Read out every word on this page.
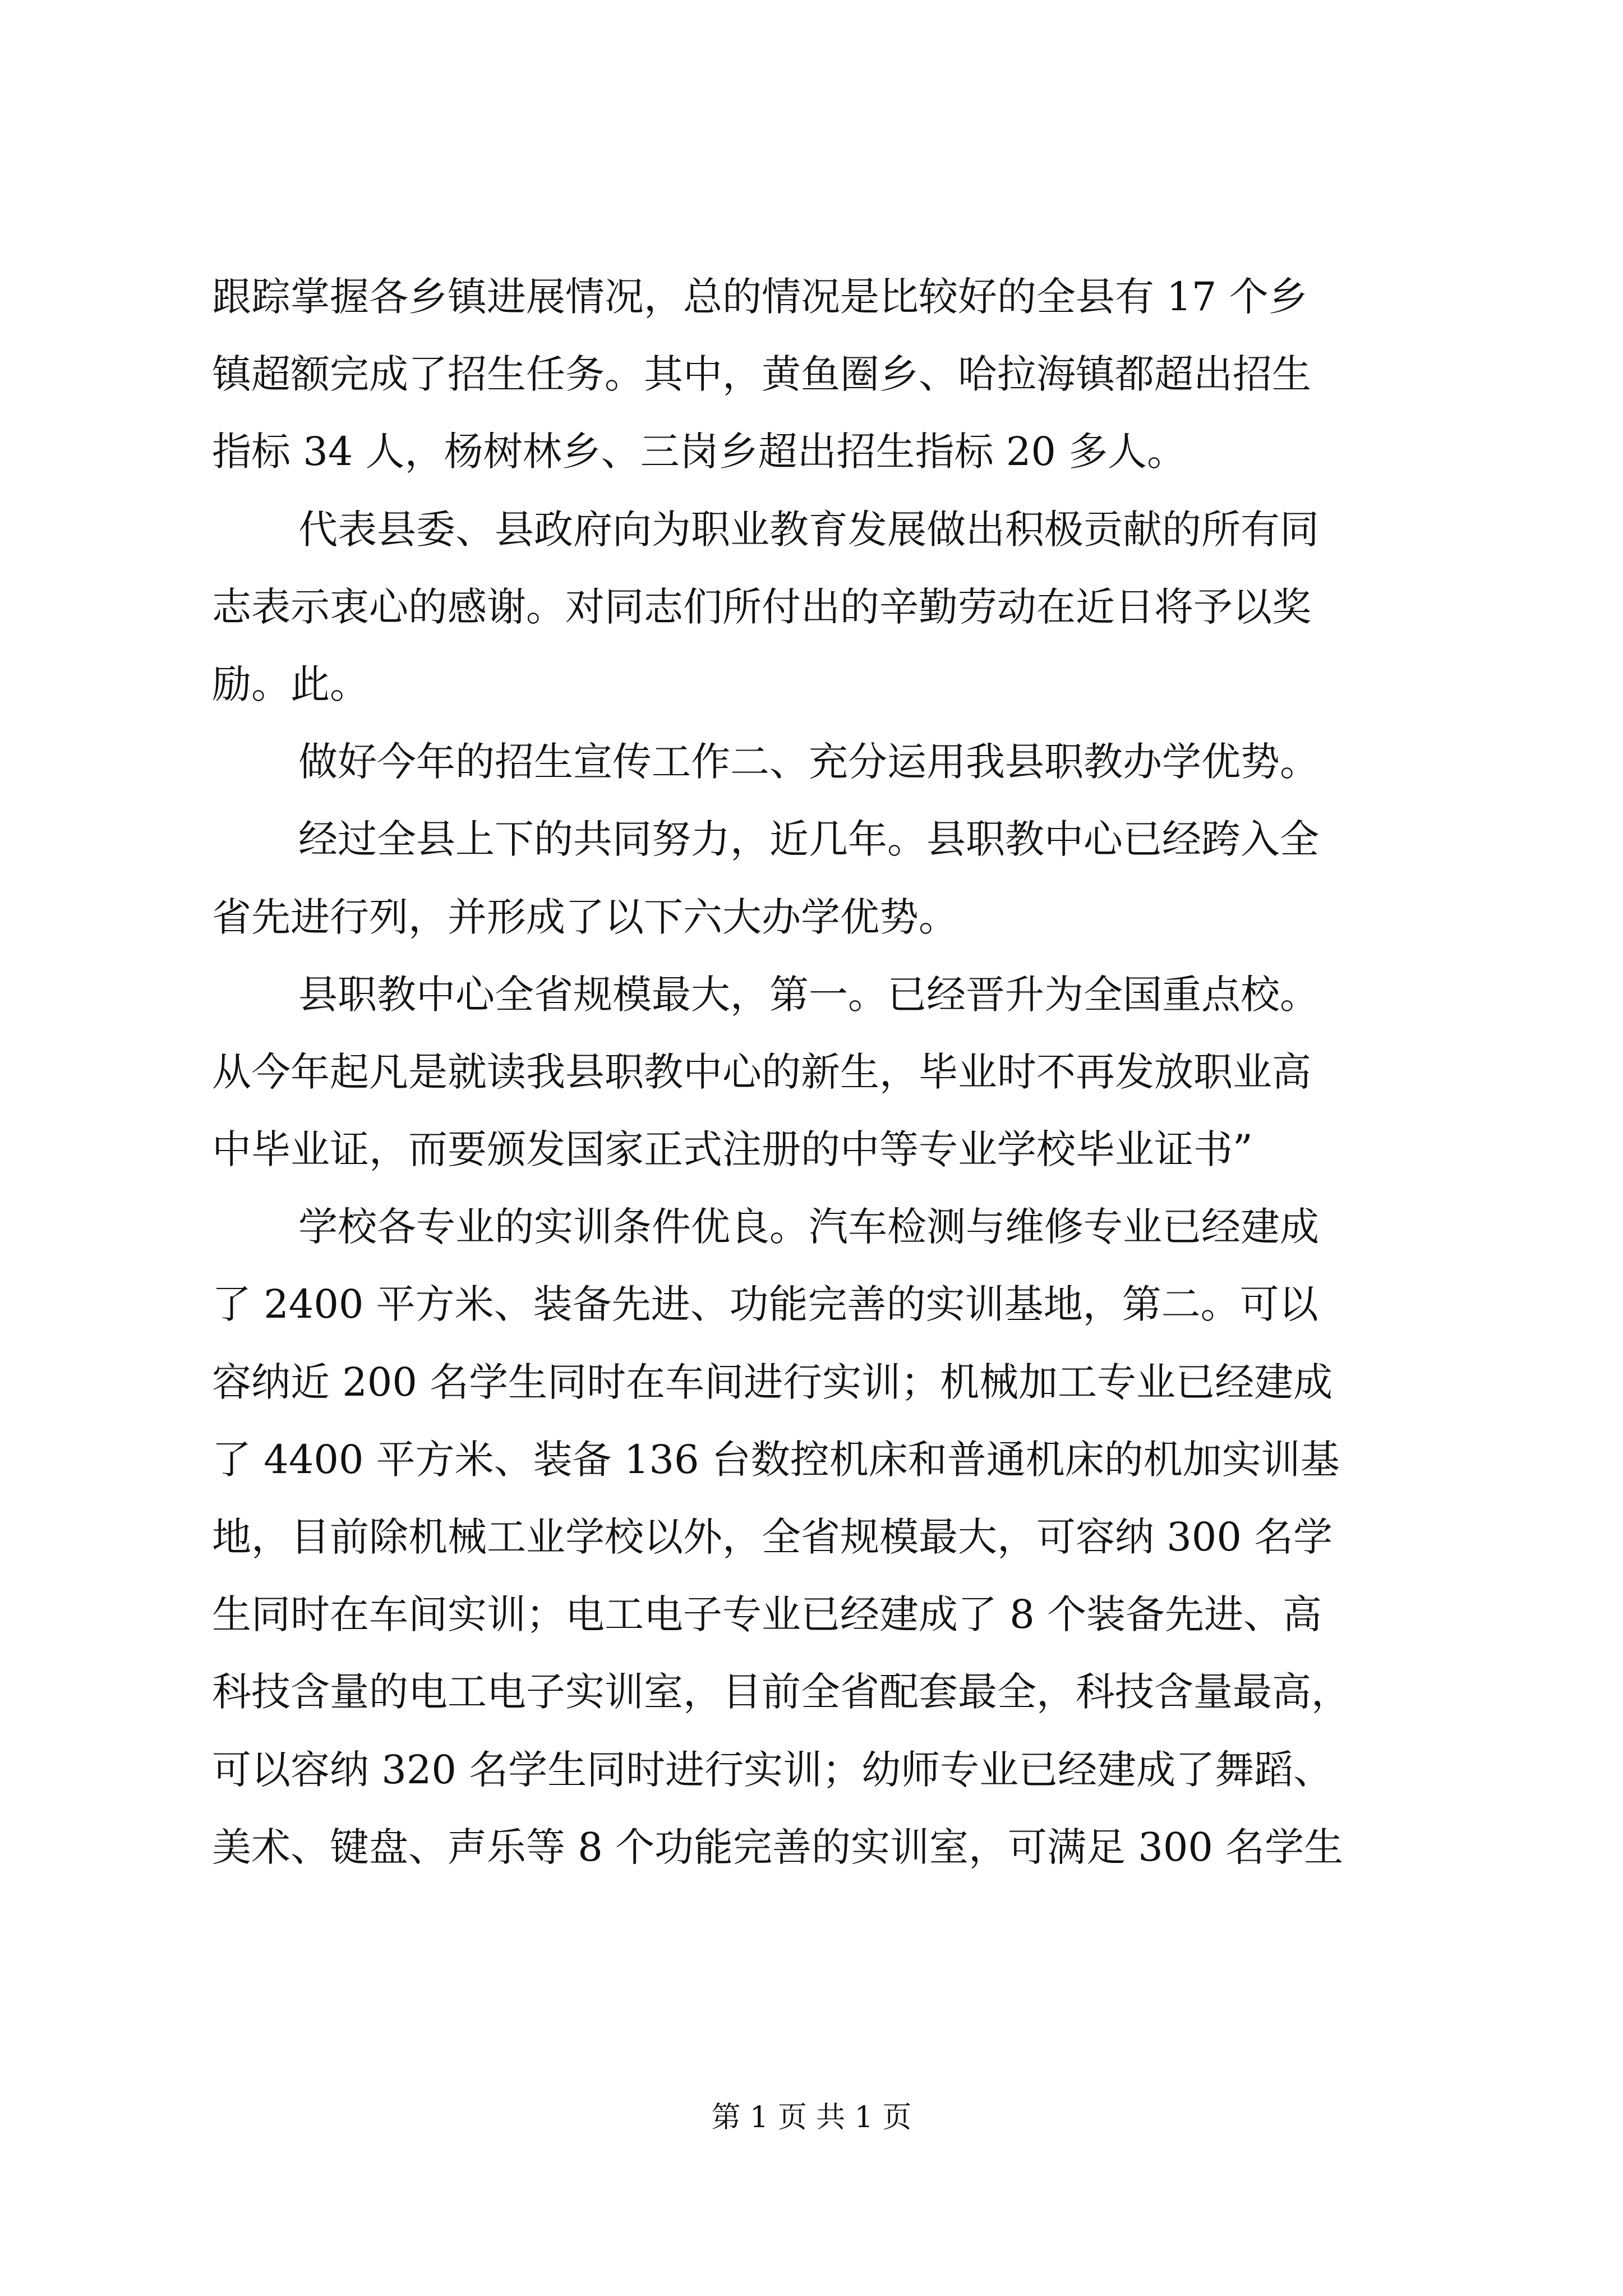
跟踪掌握各乡镇进展情况，总的情况是比较好的全县有 17 个乡
镇超额完成了招生任务。其中，黄鱼圈乡、哈拉海镇都超出招生
指标 34 人，杨树林乡、三岗乡超出招生指标 20 多人。
代表县委、县政府向为职业教育发展做出积极贡献的所有同
志表示衷心的感谢。对同志们所付出的辛勤劳动在近日将予以奖
励。此。
做好今年的招生宣传工作二、充分运用我县职教办学优势。
经过全县上下的共同努力，近几年。县职教中心已经跨入全
省先进行列，并形成了以下六大办学优势。
县职教中心全省规模最大，第一。已经晋升为全国重点校。
从今年起凡是就读我县职教中心的新生，毕业时不再发放职业高
中毕业证，而要颁发国家正式注册的中等专业学校毕业证书”
学校各专业的实训条件优良。汽车检测与维修专业已经建成
了 2400 平方米、装备先进、功能完善的实训基地，第二。可以
容纳近 200 名学生同时在车间进行实训；机械加工专业已经建成
了 4400 平方米、装备 136 台数控机床和普通机床的机加实训基
地，目前除机械工业学校以外，全省规模最大，可容纳 300 名学
生同时在车间实训；电工电子专业已经建成了 8 个装备先进、高
科技含量的电工电子实训室，目前全省配套最全，科技含量最高，
可以容纳 320 名学生同时进行实训；幼师专业已经建成了舞蹈、
美术、键盘、声乐等 8 个功能完善的实训室，可满足 300 名学生
第 1 页 共 1 页
